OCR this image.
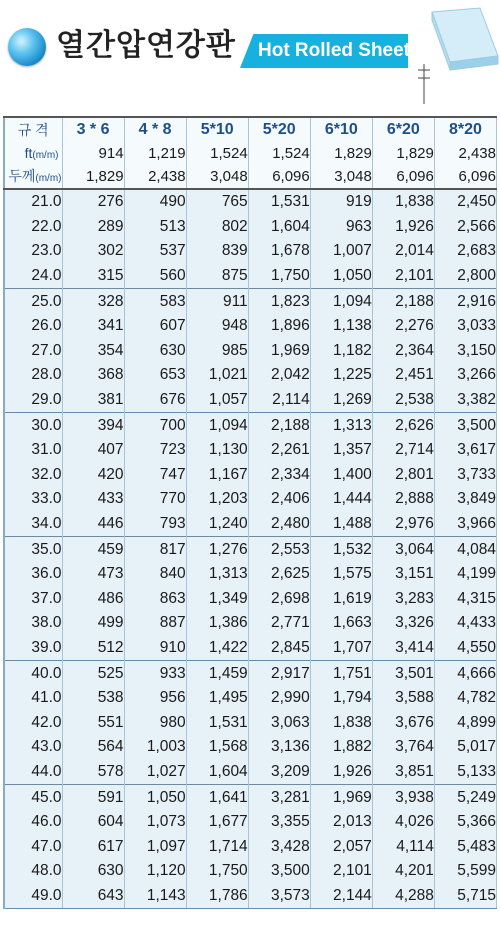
열간압연강판 Hot Rolled Sheet
규 격	3 * 6	4 * 8	5*10	5*20	6*10	6*20	8*20
ft(m/m)	914	1,219	1,524	1,524	1,829	1,829	2,438
두께(m/m)	1,829	2,438	3,048	6,096	3,048	6,096	6,096
21.0	276	490	765	1,531	919	1,838	2,450
22.0	289	513	802	1,604	963	1,926	2,566
23.0	302	537	839	1,678	1,007	2,014	2,683
24.0	315	560	875	1,750	1,050	2,101	2,800
25.0	328	583	911	1,823	1,094	2,188	2,916
26.0	341	607	948	1,896	1,138	2,276	3,033
27.0	354	630	985	1,969	1,182	2,364	3,150
28.0	368	653	1,021	2,042	1,225	2,451	3,266
29.0	381	676	1,057	2,114	1,269	2,538	3,382
30.0	394	700	1,094	2,188	1,313	2,626	3,500
31.0	407	723	1,130	2,261	1,357	2,714	3,617
32.0	420	747	1,167	2,334	1,400	2,801	3,733
33.0	433	770	1,203	2,406	1,444	2,888	3,849
34.0	446	793	1,240	2,480	1,488	2,976	3,966
35.0	459	817	1,276	2,553	1,532	3,064	4,084
36.0	473	840	1,313	2,625	1,575	3,151	4,199
37.0	486	863	1,349	2,698	1,619	3,283	4,315
38.0	499	887	1,386	2,771	1,663	3,326	4,433
39.0	512	910	1,422	2,845	1,707	3,414	4,550
40.0	525	933	1,459	2,917	1,751	3,501	4,666
41.0	538	956	1,495	2,990	1,794	3,588	4,782
42.0	551	980	1,531	3,063	1,838	3,676	4,899
43.0	564	1,003	1,568	3,136	1,882	3,764	5,017
44.0	578	1,027	1,604	3,209	1,926	3,851	5,133
45.0	591	1,050	1,641	3,281	1,969	3,938	5,249
46.0	604	1,073	1,677	3,355	2,013	4,026	5,366
47.0	617	1,097	1,714	3,428	2,057	4,114	5,483
48.0	630	1,120	1,750	3,500	2,101	4,201	5,599
49.0	643	1,143	1,786	3,573	2,144	4,288	5,715
